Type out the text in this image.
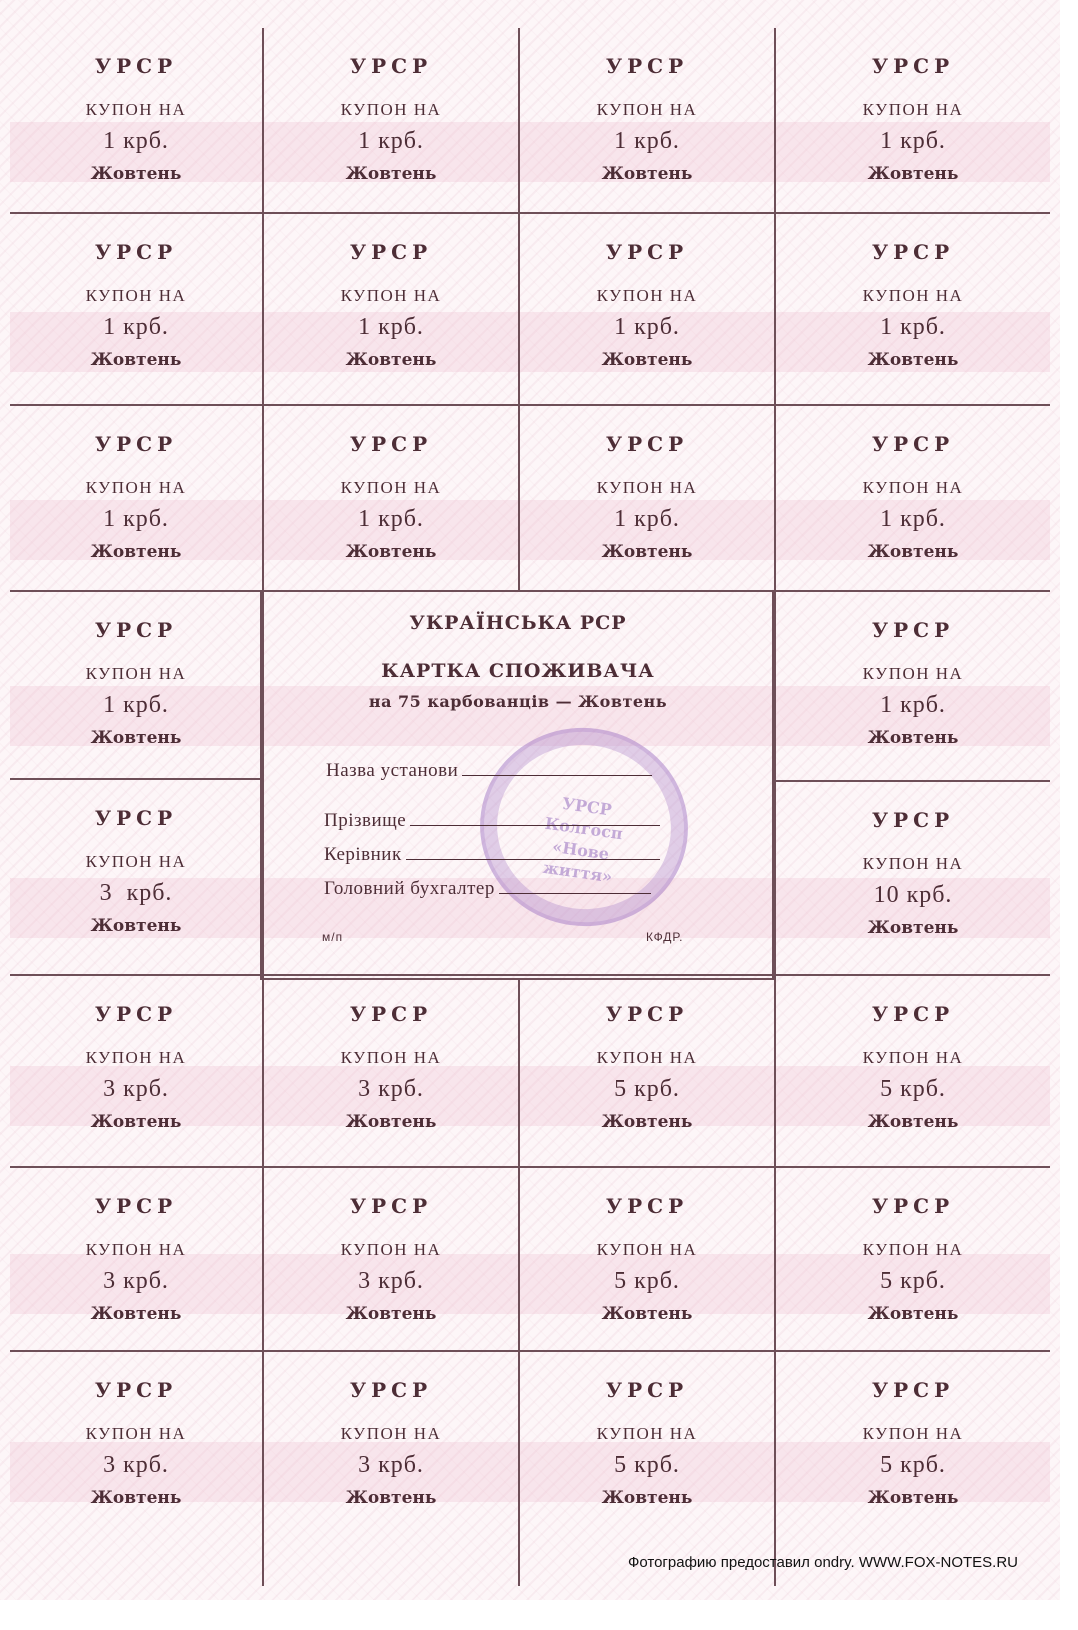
УРСР
КУПОН НА
1 крб.
Жовтень
УРСР
КУПОН НА
1 крб.
Жовтень
УРСР
КУПОН НА
1 крб.
Жовтень
УРСР
КУПОН НА
1 крб.
Жовтень
УРСР
КУПОН НА
1 крб.
Жовтень
УРСР
КУПОН НА
1 крб.
Жовтень
УРСР
КУПОН НА
1 крб.
Жовтень
УРСР
КУПОН НА
1 крб.
Жовтень
УРСР
КУПОН НА
1 крб.
Жовтень
УРСР
КУПОН НА
1 крб.
Жовтень
УРСР
КУПОН НА
1 крб.
Жовтень
УРСР
КУПОН НА
1 крб.
Жовтень
УРСР
КУПОН НА
1 крб.
Жовтень
УРСР
КУПОН НА
1 крб.
Жовтень
УРСР
КУПОН НА
3  крб.
Жовтень
УРСР
КУПОН НА
10 крб.
Жовтень
УКРАЇНСЬКА РСР
КАРТКА СПОЖИВАЧА
на 75 карбованців — Жовтень
УРСР Колгосп «Нове життя»
Назва установи
Прізвище
Керівник
Головний бухгалтер
м/п	КФДР.
УРСР
КУПОН НА
3 крб.
Жовтень
УРСР
КУПОН НА
3 крб.
Жовтень
УРСР
КУПОН НА
5 крб.
Жовтень
УРСР
КУПОН НА
5 крб.
Жовтень
УРСР
КУПОН НА
3 крб.
Жовтень
УРСР
КУПОН НА
3 крб.
Жовтень
УРСР
КУПОН НА
5 крб.
Жовтень
УРСР
КУПОН НА
5 крб.
Жовтень
УРСР
КУПОН НА
3 крб.
Жовтень
УРСР
КУПОН НА
3 крб.
Жовтень
УРСР
КУПОН НА
5 крб.
Жовтень
УРСР
КУПОН НА
5 крб.
Жовтень
Фотографию предоставил ondry. WWW.FOX-NOTES.RU
